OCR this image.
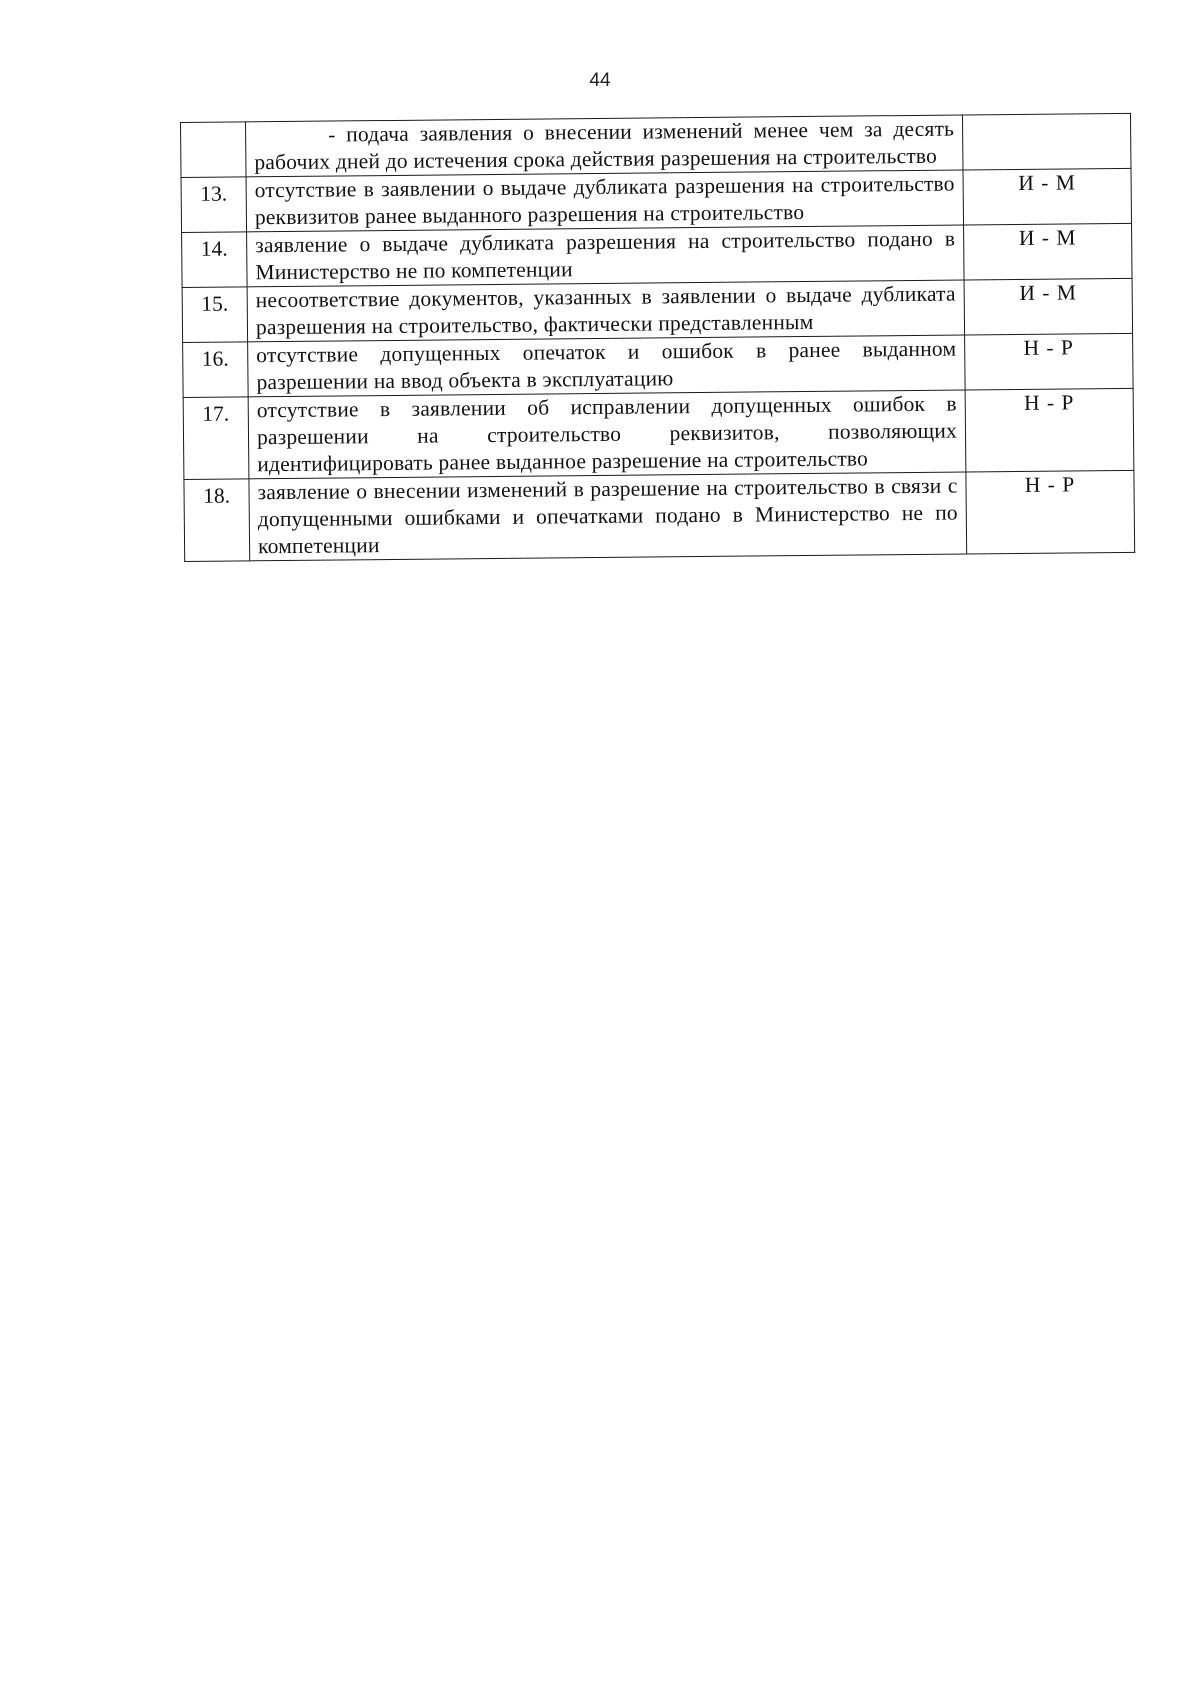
44
	- подача заявления о внесении изменений менее чем за десять рабочих дней до истечения срока действия разрешения на строительство	
13.	отсутствие в заявлении о выдаче дубликата разрешения на строительство реквизитов ранее выданного разрешения на строительство	И - М
14.	заявление о выдаче дубликата разрешения на строительство подано в Министерство не по компетенции	И - М
15.	несоответствие документов, указанных в заявлении о выдаче дубликата разрешения на строительство, фактически представленным	И - М
16.	отсутствие допущенных опечаток и ошибок в ранее выданном разрешении на ввод объекта в эксплуатацию	Н - Р
17.	отсутствие в заявлении об исправлении допущенных ошибок в разрешении на строительство реквизитов, позволяющих идентифицировать ранее выданное разрешение на строительство	Н - Р
18.	заявление о внесении изменений в разрешение на строительство в связи с допущенными ошибками и опечатками подано в Министерство не по компетенции	Н - Р
